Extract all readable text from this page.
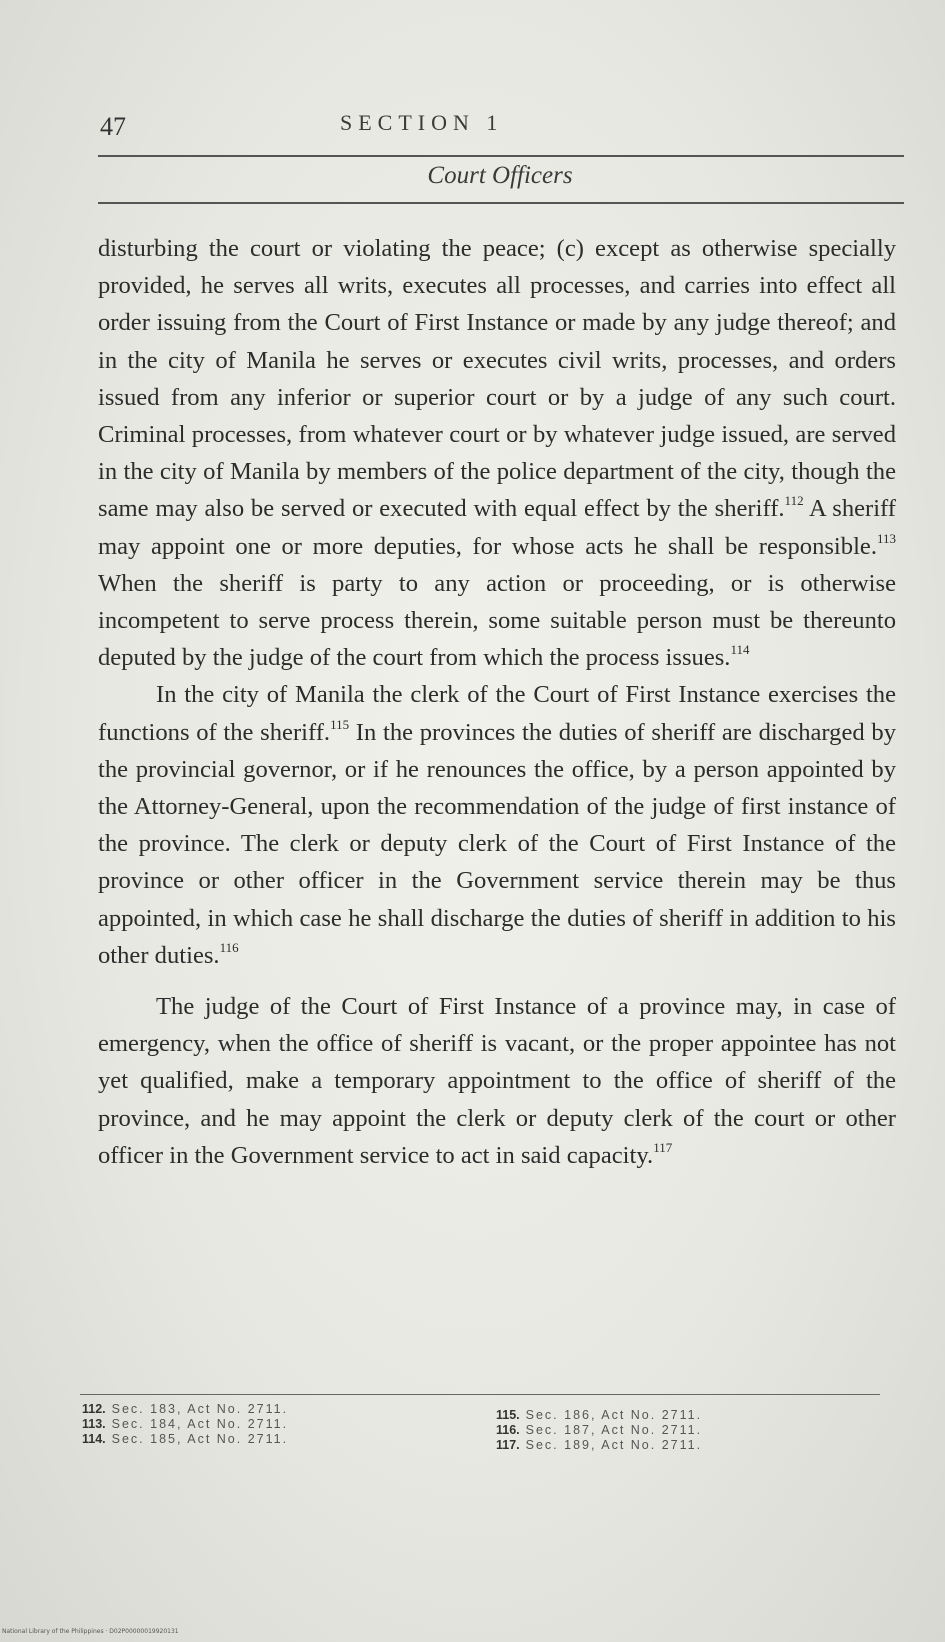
47	SECTION 1
Court Officers

disturbing the court or violating the peace; (c) except as otherwise specially provided, he serves all writs, executes all processes, and carries into effect all order issuing from the Court of First Instance or made by any judge thereof; and in the city of Manila he serves or executes civil writs, processes, and orders issued from any inferior or superior court or by a judge of any such court. Criminal processes, from whatever court or by whatever judge issued, are served in the city of Manila by members of the police department of the city, though the same may also be served or executed with equal effect by the sheriff.$^{112}$ A sheriff may appoint one or more deputies, for whose acts he shall be responsible.$^{113}$ When the sheriff is party to any action or proceeding, or is otherwise incompetent to serve process therein, some suitable person must be thereunto deputed by the judge of the court from which the process issues.$^{114}$

In the city of Manila the clerk of the Court of First Instance exercises the functions of the sheriff.$^{115}$ In the provinces the duties of sheriff are discharged by the provincial governor, or if he renounces the office, by a person appointed by the Attorney-General, upon the recommendation of the judge of first instance of the province. The clerk or deputy clerk of the Court of First Instance of the province or other officer in the Government service therein may be thus appointed, in which case he shall discharge the duties of sheriff in addition to his other duties.$^{116}$

The judge of the Court of First Instance of a province may, in case of emergency, when the office of sheriff is vacant, or the proper appointee has not yet qualified, make a temporary appointment to the office of sheriff of the province, and he may appoint the clerk or deputy clerk of the court or other officer in the Government service to act in said capacity.$^{117}$

112. Sec. 183, Act No. 2711.
113. Sec. 184, Act No. 2711.
114. Sec. 185, Act No. 2711.
115. Sec. 186, Act No. 2711.
116. Sec. 187, Act No. 2711.
117. Sec. 189, Act No. 2711.
National Library of the Philippines · D02P00000019920131
